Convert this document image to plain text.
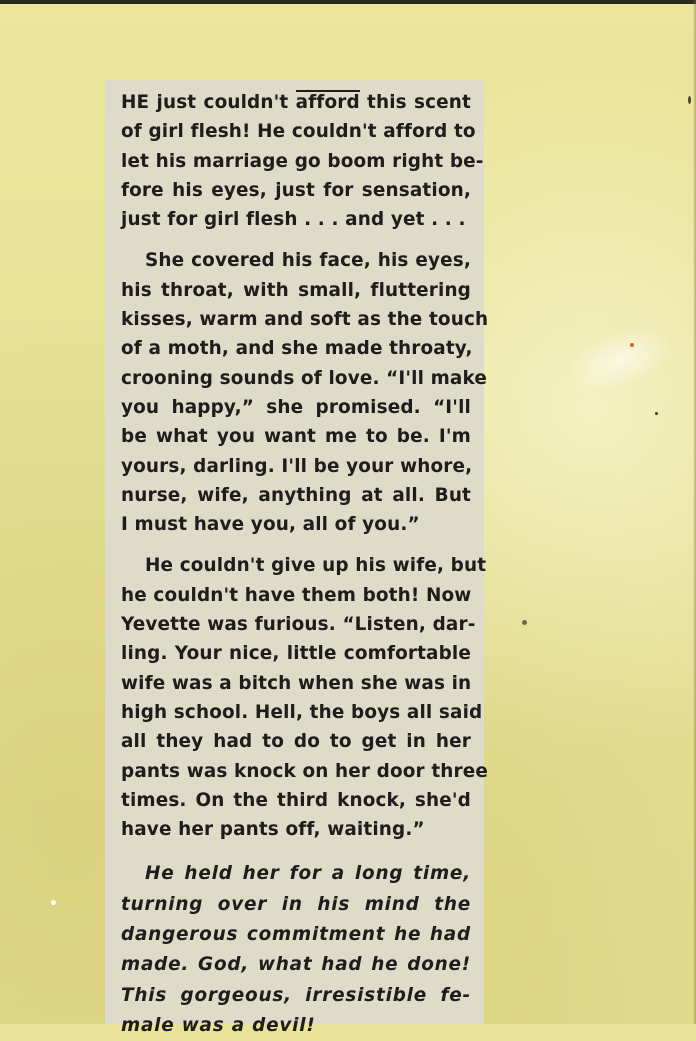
HE just couldn't afford this scent
of girl flesh! He couldn't afford to
let his marriage go boom right be-
fore his eyes, just for sensation,
just for girl flesh . . . and yet . . .

She covered his face, his eyes,
his throat, with small, fluttering
kisses, warm and soft as the touch
of a moth, and she made throaty,
crooning sounds of love. “I'll make
you happy,” she promised. “I'll
be what you want me to be. I'm
yours, darling. I'll be your whore,
nurse, wife, anything at all. But
I must have you, all of you.”

He couldn't give up his wife, but
he couldn't have them both! Now
Yevette was furious. “Listen, dar-
ling. Your nice, little comfortable
wife was a bitch when she was in
high school. Hell, the boys all said
all they had to do to get in her
pants was knock on her door three
times. On the third knock, she'd
have her pants off, waiting.”

He held her for a long time,
turning over in his mind the
dangerous commitment he had
made. God, what had he done!
This gorgeous, irresistible fe-
male was a devil!
